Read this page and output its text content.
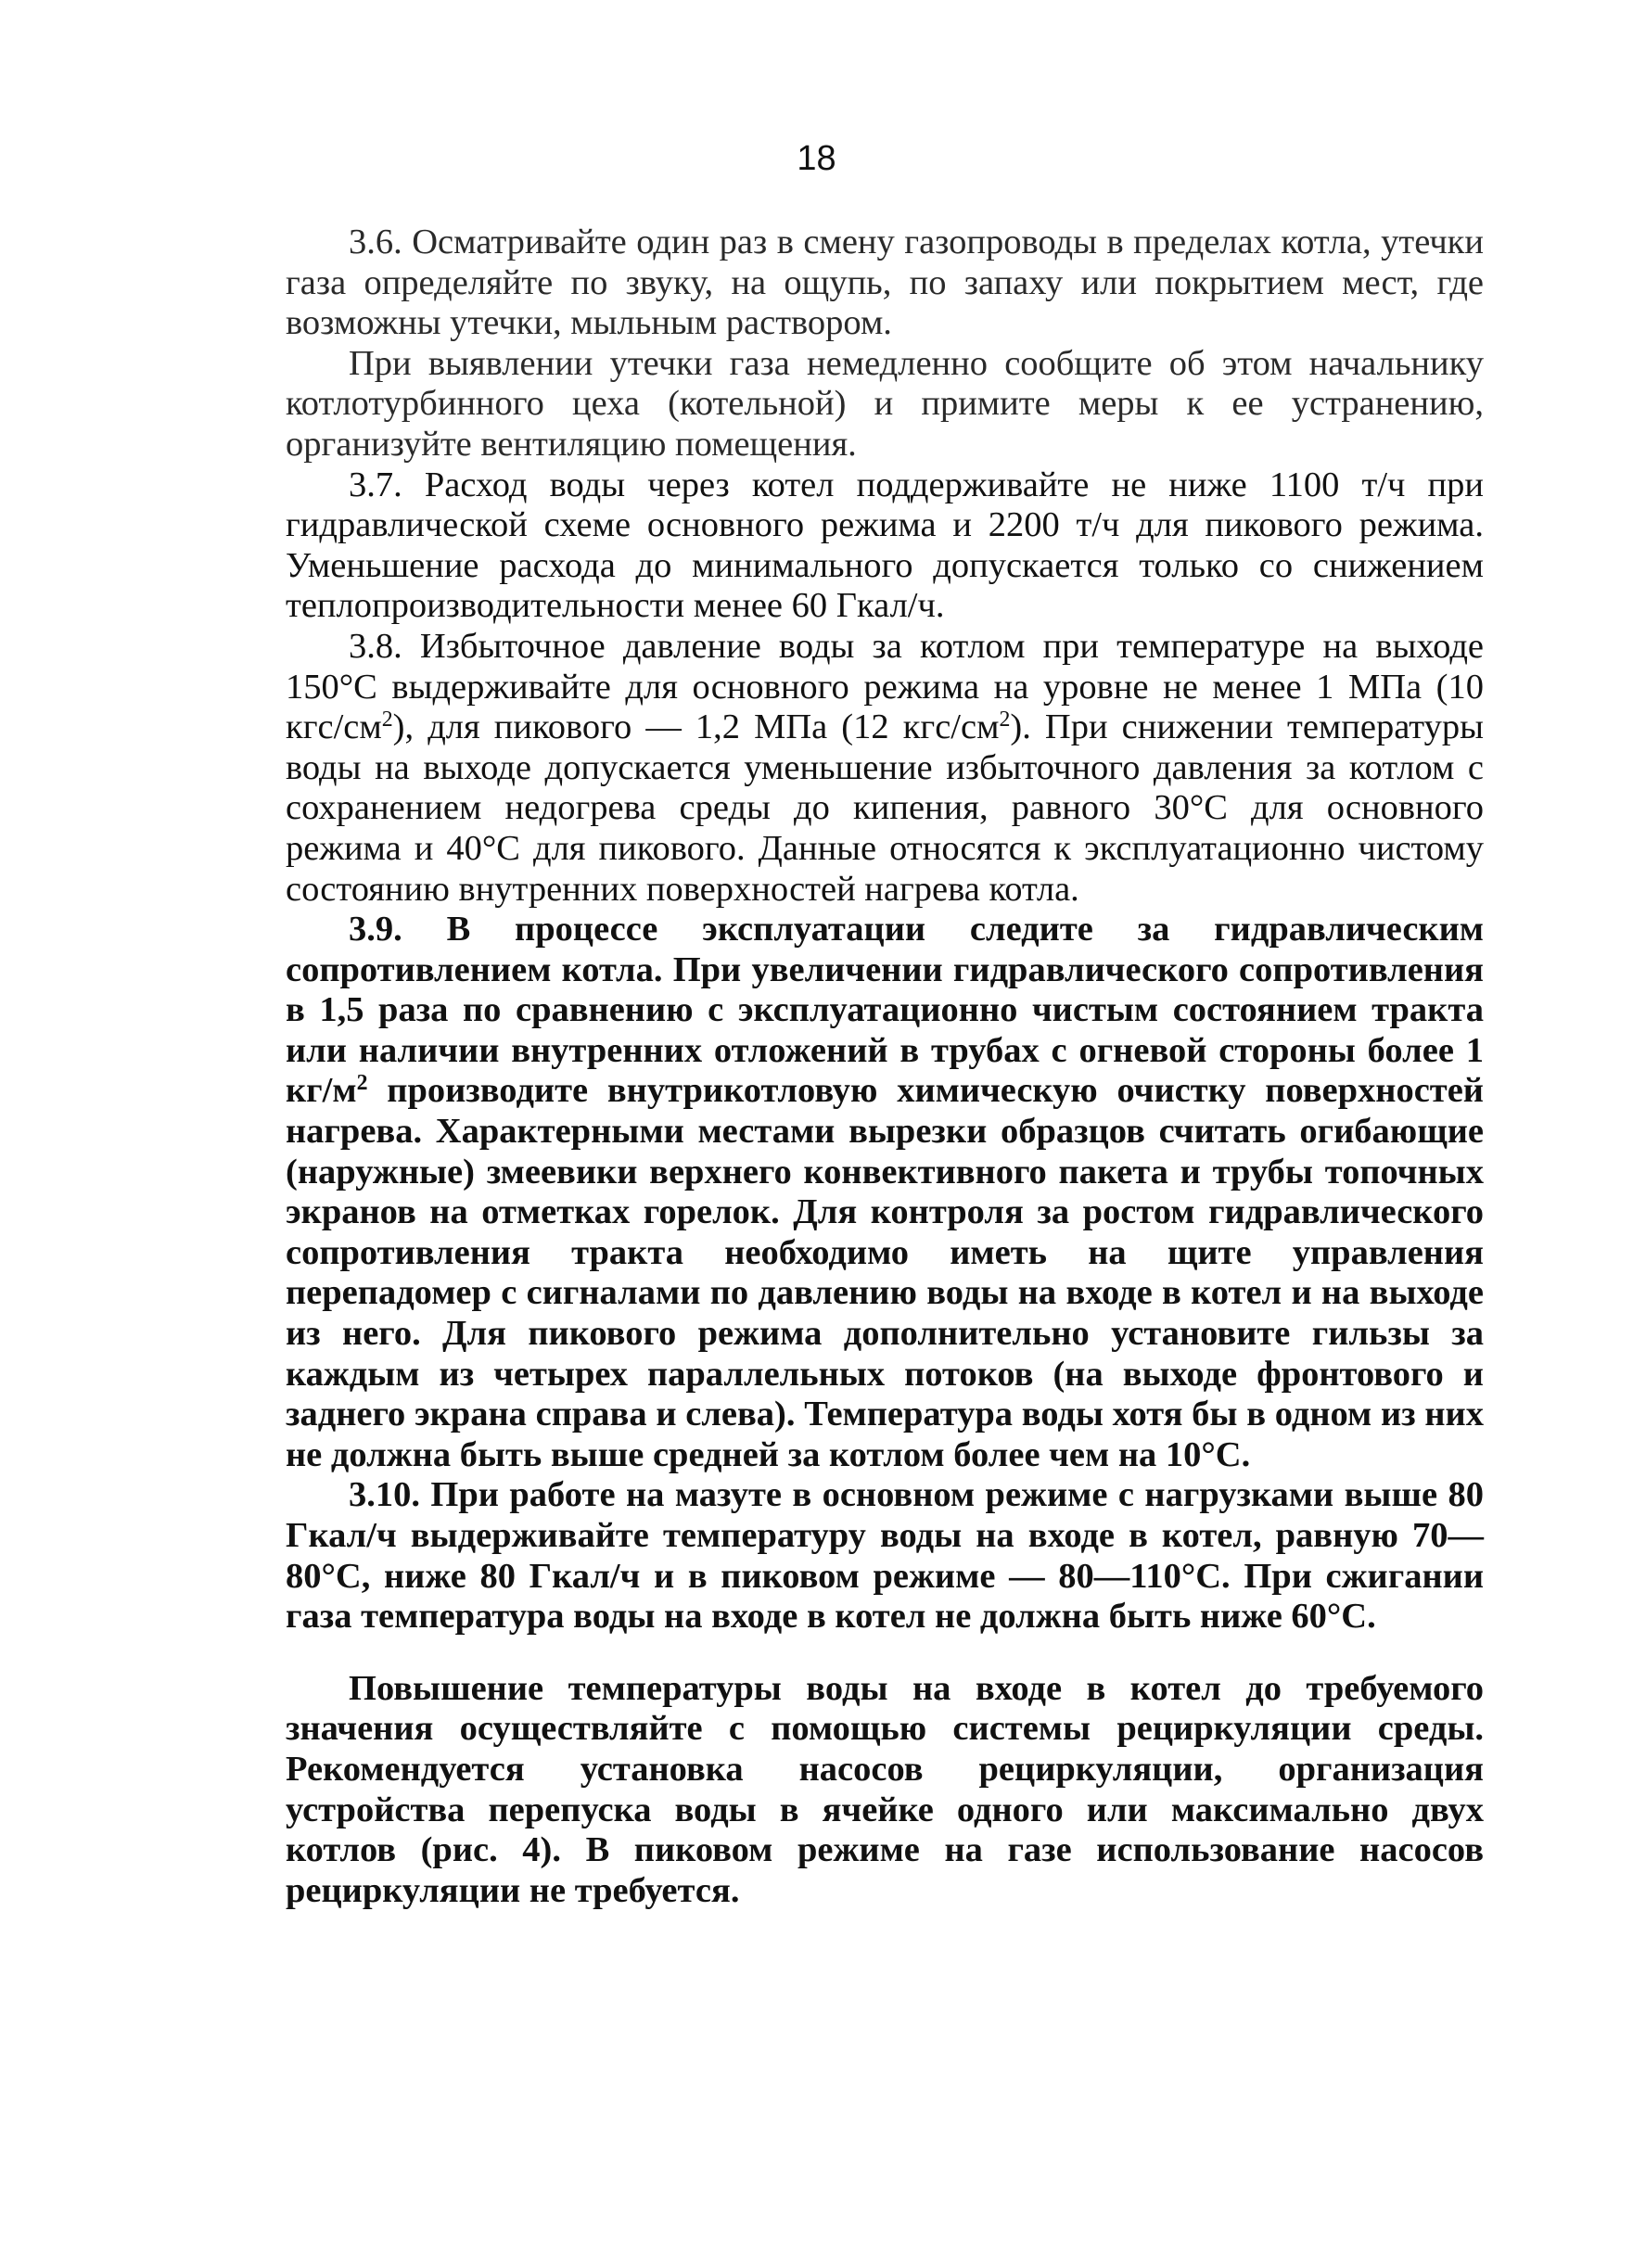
18

3.6. Осматривайте один раз в смену газопроводы в пределах котла, утечки газа определяйте по звуку, на ощупь, по запаху или покрытием мест, где возможны утечки, мыльным раствором.

При выявлении утечки газа немедленно сообщите об этом начальнику котлотурбинного цеха (котельной) и примите меры к ее устранению, организуйте вентиляцию помещения.

3.7. Расход воды через котел поддерживайте не ниже 1100 т/ч при гидравлической схеме основного режима и 2200 т/ч для пикового режима. Уменьшение расхода до минимального допускается только со снижением теплопроизводительности менее 60 Гкал/ч.

3.8. Избыточное давление воды за котлом при температуре на выходе 150°С выдерживайте для основного режима на уровне не менее 1 МПа (10 кгс/$см^2$), для пикового — 1,2 МПа (12 кгс/$см^2$). При снижении температуры воды на выходе допускается уменьшение избыточного давления за котлом с сохранением недогрева среды до кипения, равного 30°С для основного режима и 40°С для пикового. Данные относятся к эксплуатационно чистому состоянию внутренних поверхностей нагрева котла.

3.9. В процессе эксплуатации следите за гидравлическим сопротивлением котла. При увеличении гидравлического сопротивления в 1,5 раза по сравнению с эксплуатационно чистым состоянием тракта или наличии внутренних отложений в трубах с огневой стороны более 1 $кг/м^2$ производите внутрикотловую химическую очистку поверхностей нагрева. Характерными местами вырезки образцов считать огибающие (наружные) змеевики верхнего конвективного пакета и трубы топочных экранов на отметках горелок. Для контроля за ростом гидравлического сопротивления тракта необходимо иметь на щите управления перепадомер с сигналами по давлению воды на входе в котел и на выходе из него. Для пикового режима дополнительно установите гильзы за каждым из четырех параллельных потоков (на выходе фронтового и заднего экрана справа и слева). Температура воды хотя бы в одном из них не должна быть выше средней за котлом более чем на 10°С.

3.10. При работе на мазуте в основном режиме с нагрузками выше 80 Гкал/ч выдерживайте температуру воды на входе в котел, равную 70—80°С, ниже 80 Гкал/ч и в пиковом режиме — 80—110°С. При сжигании газа температура воды на входе в котел не должна быть ниже 60°С.

Повышение температуры воды на входе в котел до требуемого значения осуществляйте с помощью системы рециркуляции среды. Рекомендуется установка насосов рециркуляции, организация устройства перепуска воды в ячейке одного или максимально двух котлов (рис. 4). В пиковом режиме на газе использование насосов рециркуляции не требуется.
